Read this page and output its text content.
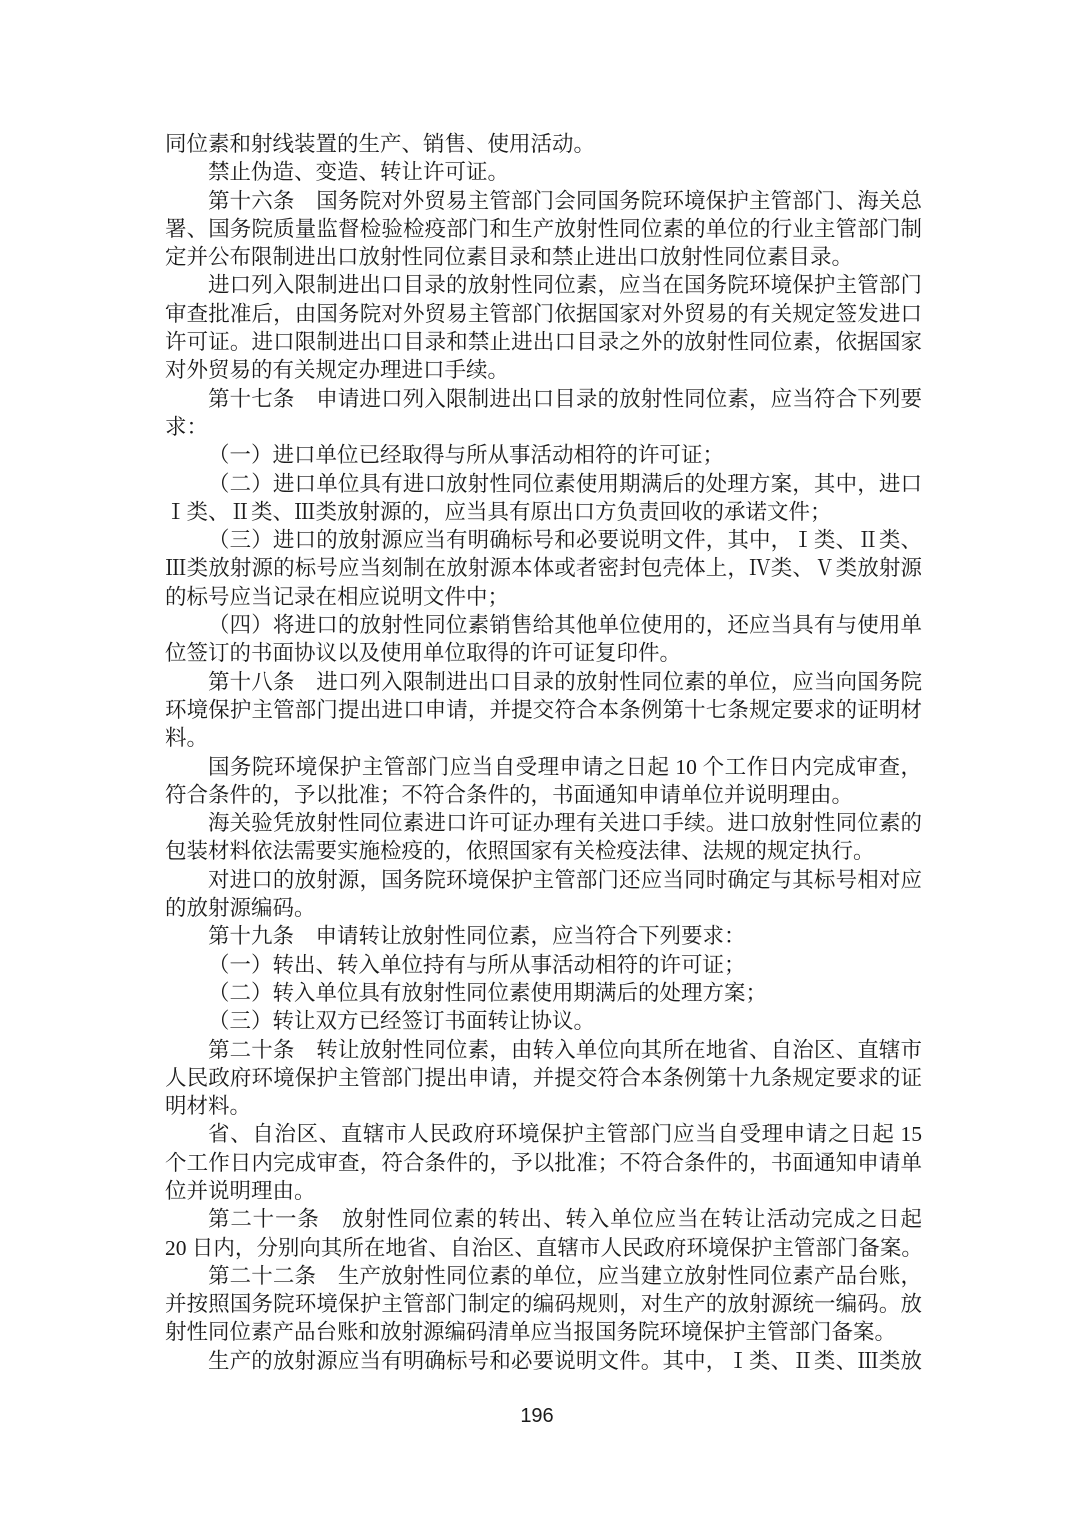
同位素和射线装置的生产、销售、使用活动。
禁止伪造、变造、转让许可证。
第十六条　国务院对外贸易主管部门会同国务院环境保护主管部门、海关总
署、国务院质量监督检验检疫部门和生产放射性同位素的单位的行业主管部门制
定并公布限制进出口放射性同位素目录和禁止进出口放射性同位素目录。
进口列入限制进出口目录的放射性同位素，应当在国务院环境保护主管部门
审查批准后，由国务院对外贸易主管部门依据国家对外贸易的有关规定签发进口
许可证。进口限制进出口目录和禁止进出口目录之外的放射性同位素，依据国家
对外贸易的有关规定办理进口手续。
第十七条　申请进口列入限制进出口目录的放射性同位素，应当符合下列要
求：
（一）进口单位已经取得与所从事活动相符的许可证；
（二）进口单位具有进口放射性同位素使用期满后的处理方案，其中，进口
Ⅰ类、Ⅱ类、Ⅲ类放射源的，应当具有原出口方负责回收的承诺文件；
（三）进口的放射源应当有明确标号和必要说明文件，其中，Ⅰ类、Ⅱ类、
Ⅲ类放射源的标号应当刻制在放射源本体或者密封包壳体上，Ⅳ类、Ⅴ类放射源
的标号应当记录在相应说明文件中；
（四）将进口的放射性同位素销售给其他单位使用的，还应当具有与使用单
位签订的书面协议以及使用单位取得的许可证复印件。
第十八条　进口列入限制进出口目录的放射性同位素的单位，应当向国务院
环境保护主管部门提出进口申请，并提交符合本条例第十七条规定要求的证明材
料。
国务院环境保护主管部门应当自受理申请之日起 10 个工作日内完成审查，
符合条件的，予以批准；不符合条件的，书面通知申请单位并说明理由。
海关验凭放射性同位素进口许可证办理有关进口手续。进口放射性同位素的
包装材料依法需要实施检疫的，依照国家有关检疫法律、法规的规定执行。
对进口的放射源，国务院环境保护主管部门还应当同时确定与其标号相对应
的放射源编码。
第十九条　申请转让放射性同位素，应当符合下列要求：
（一）转出、转入单位持有与所从事活动相符的许可证；
（二）转入单位具有放射性同位素使用期满后的处理方案；
（三）转让双方已经签订书面转让协议。
第二十条　转让放射性同位素，由转入单位向其所在地省、自治区、直辖市
人民政府环境保护主管部门提出申请，并提交符合本条例第十九条规定要求的证
明材料。
省、自治区、直辖市人民政府环境保护主管部门应当自受理申请之日起 15
个工作日内完成审查，符合条件的，予以批准；不符合条件的，书面通知申请单
位并说明理由。
第二十一条　放射性同位素的转出、转入单位应当在转让活动完成之日起
20 日内，分别向其所在地省、自治区、直辖市人民政府环境保护主管部门备案。
第二十二条　生产放射性同位素的单位，应当建立放射性同位素产品台账，
并按照国务院环境保护主管部门制定的编码规则，对生产的放射源统一编码。放
射性同位素产品台账和放射源编码清单应当报国务院环境保护主管部门备案。
生产的放射源应当有明确标号和必要说明文件。其中，Ⅰ类、Ⅱ类、Ⅲ类放
196
